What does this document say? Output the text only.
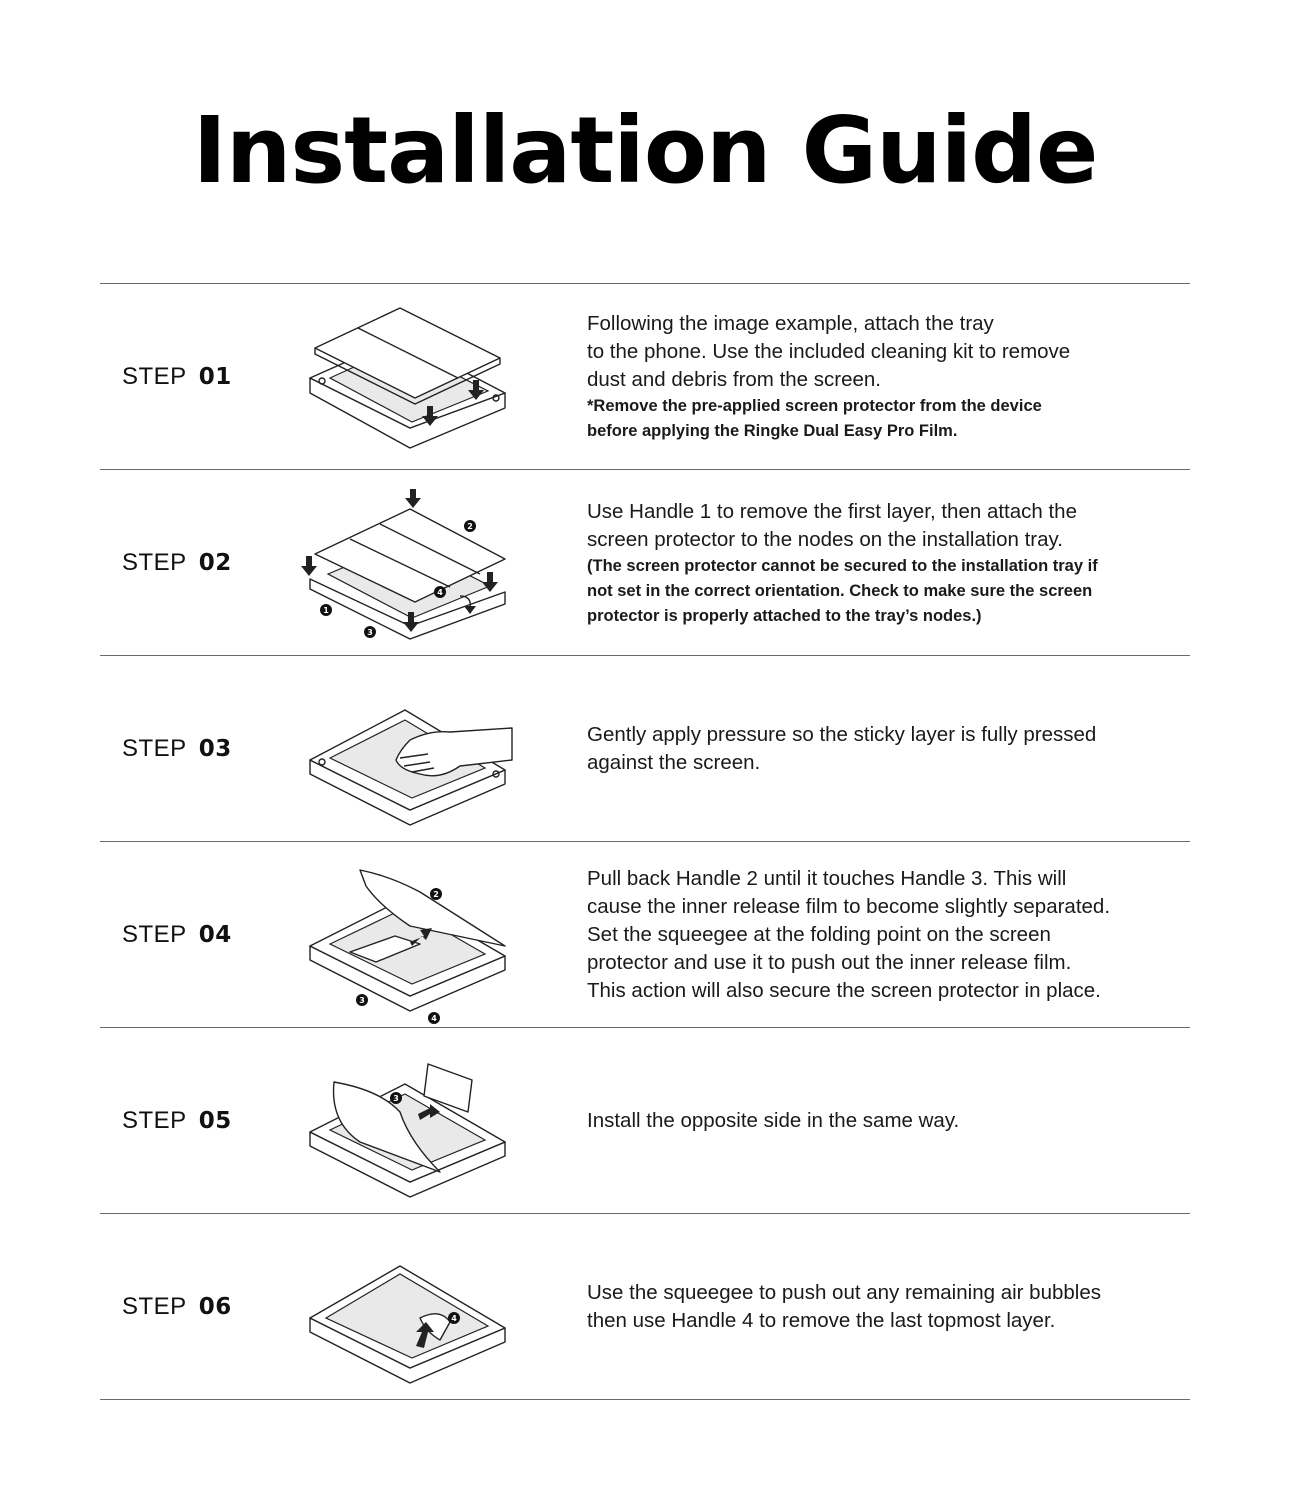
Installation Guide
STEP 01
Following the image example, attach the tray
to the phone. Use the included cleaning kit to remove
dust and debris from the screen.
*Remove the pre-applied screen protector from the device
before applying the Ringke Dual Easy Pro Film.
STEP 02
1
2
3
4
Use Handle 1 to remove the first layer, then attach the
screen protector to the nodes on the installation tray.
(The screen protector cannot be secured to the installation tray if
not set in the correct orientation. Check to make sure the screen
protector is properly attached to the tray’s nodes.)
STEP 03
Gently apply pressure so the sticky layer is fully pressed
against the screen.
STEP 04
2
3
4
Pull back Handle 2 until it touches Handle 3. This will
cause the inner release film to become slightly separated.
Set the squeegee at the folding point on the screen
protector and use it to push out the inner release film.
This action will also secure the screen protector in place.
STEP 05
3
Install the opposite side in the same way.
STEP 06	4
Use the squeegee to push out any remaining air bubbles
then use Handle 4 to remove the last topmost layer.
